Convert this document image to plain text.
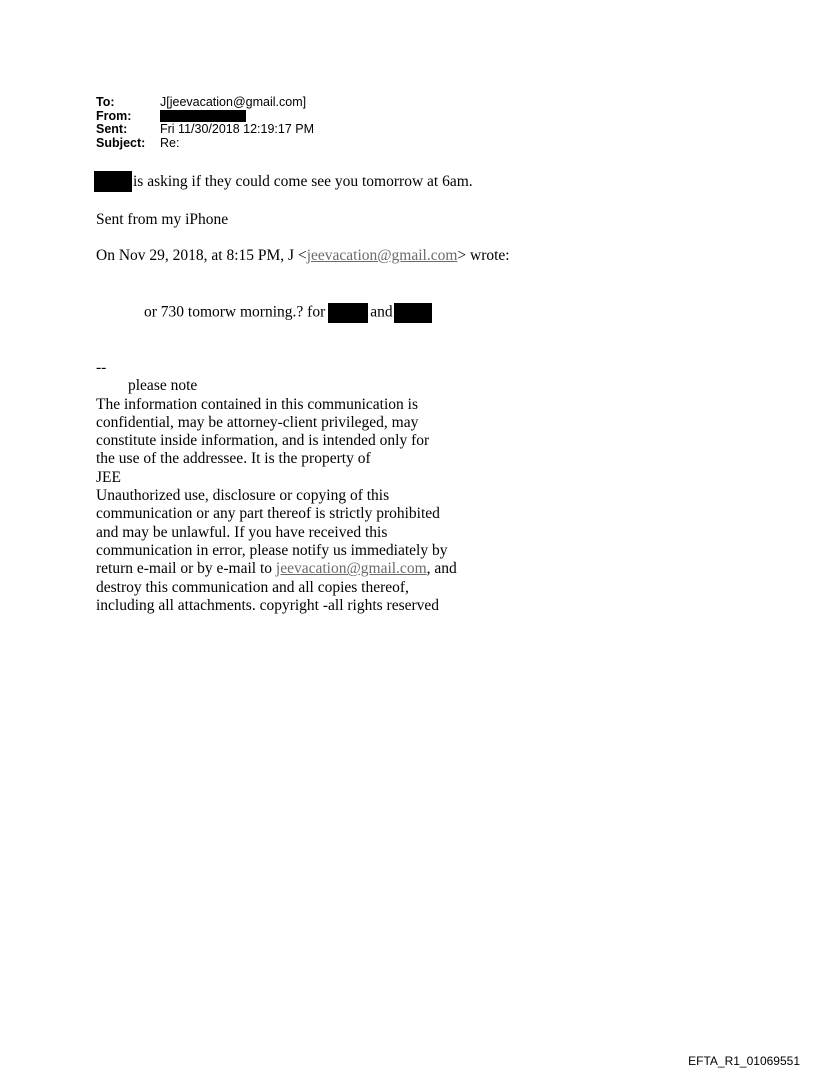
To:	J[jeevacation@gmail.com]
From:
Sent:	Fri 11/30/2018 12:19:17 PM
Subject:	Re:
is asking if they could come see you tomorrow at 6am.
Sent from my iPhone
On Nov 29, 2018, at 8:15 PM, J <jeevacation@gmail.com> wrote:
or 730 tomorw morning.? for	and
--
please note
The information contained in this communication is
confidential, may be attorney-client privileged, may
constitute inside information, and is intended only for
the use of the addressee. It is the property of
JEE
Unauthorized use, disclosure or copying of this
communication or any part thereof is strictly prohibited
and may be unlawful. If you have received this
communication in error, please notify us immediately by
return e-mail or by e-mail to jeevacation@gmail.com, and
destroy this communication and all copies thereof,
including all attachments. copyright -all rights reserved
EFTA_R1_01069551
